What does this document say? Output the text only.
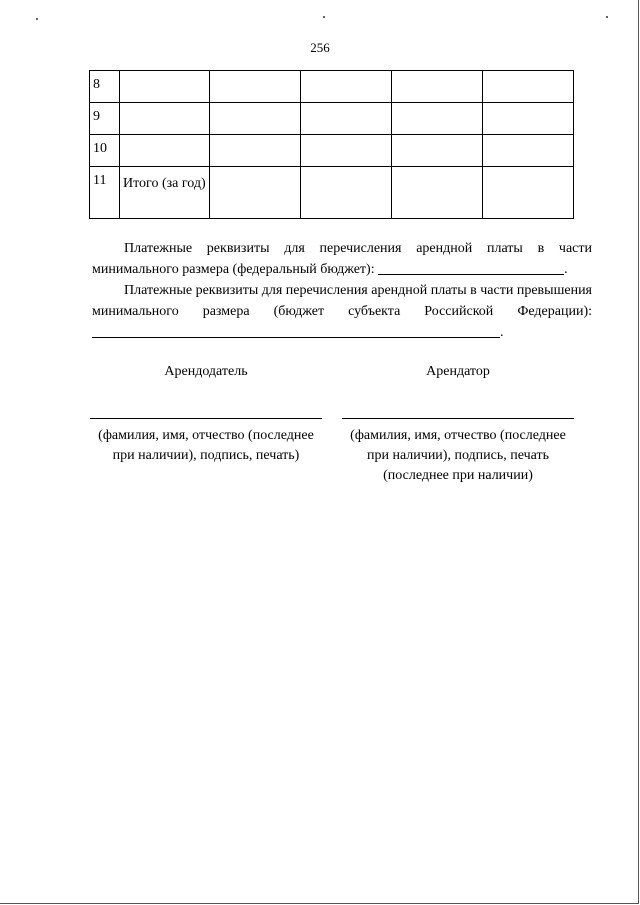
256
8					
9					
10					
11	Итого (за год)				
Платежные реквизиты для перечисления арендной платы в части минимального размера (федеральный бюджет):	.
Платежные реквизиты для перечисления арендной платы в части превышения минимального размера (бюджет субъекта Российской Федерации): .
Арендодатель	Арендатор
(фамилия, имя, отчество (последнее при наличии), подпись, печать)
(фамилия, имя, отчество (последнее при наличии), подпись, печать (последнее при наличии)
